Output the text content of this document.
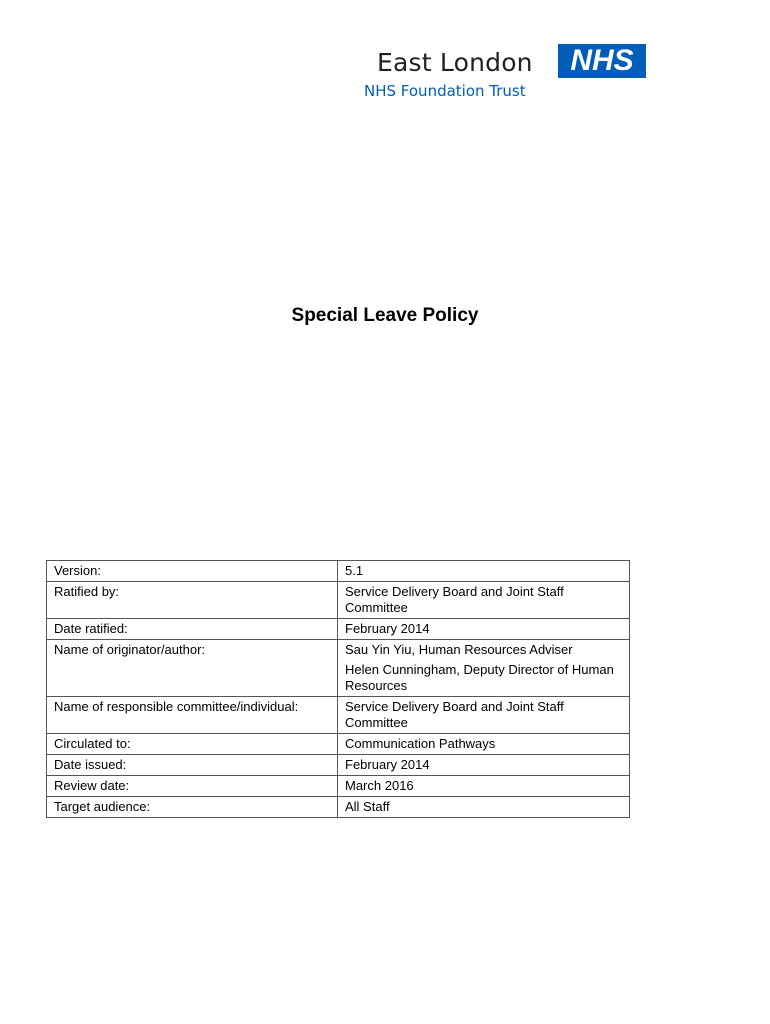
East London NHS
NHS Foundation Trust
Special Leave Policy
Version:	5.1

Ratified by:	Service Delivery Board and Joint Staff Committee

Date ratified:	February 2014

Name of originator/author:	Sau Yin Yiu, Human Resources Adviser
Helen Cunningham, Deputy Director of Human Resources

Name of responsible committee/individual:	Service Delivery Board and Joint Staff Committee

Circulated to:	Communication Pathways

Date issued:	February 2014

Review date:	March 2016

Target audience:	All Staff
